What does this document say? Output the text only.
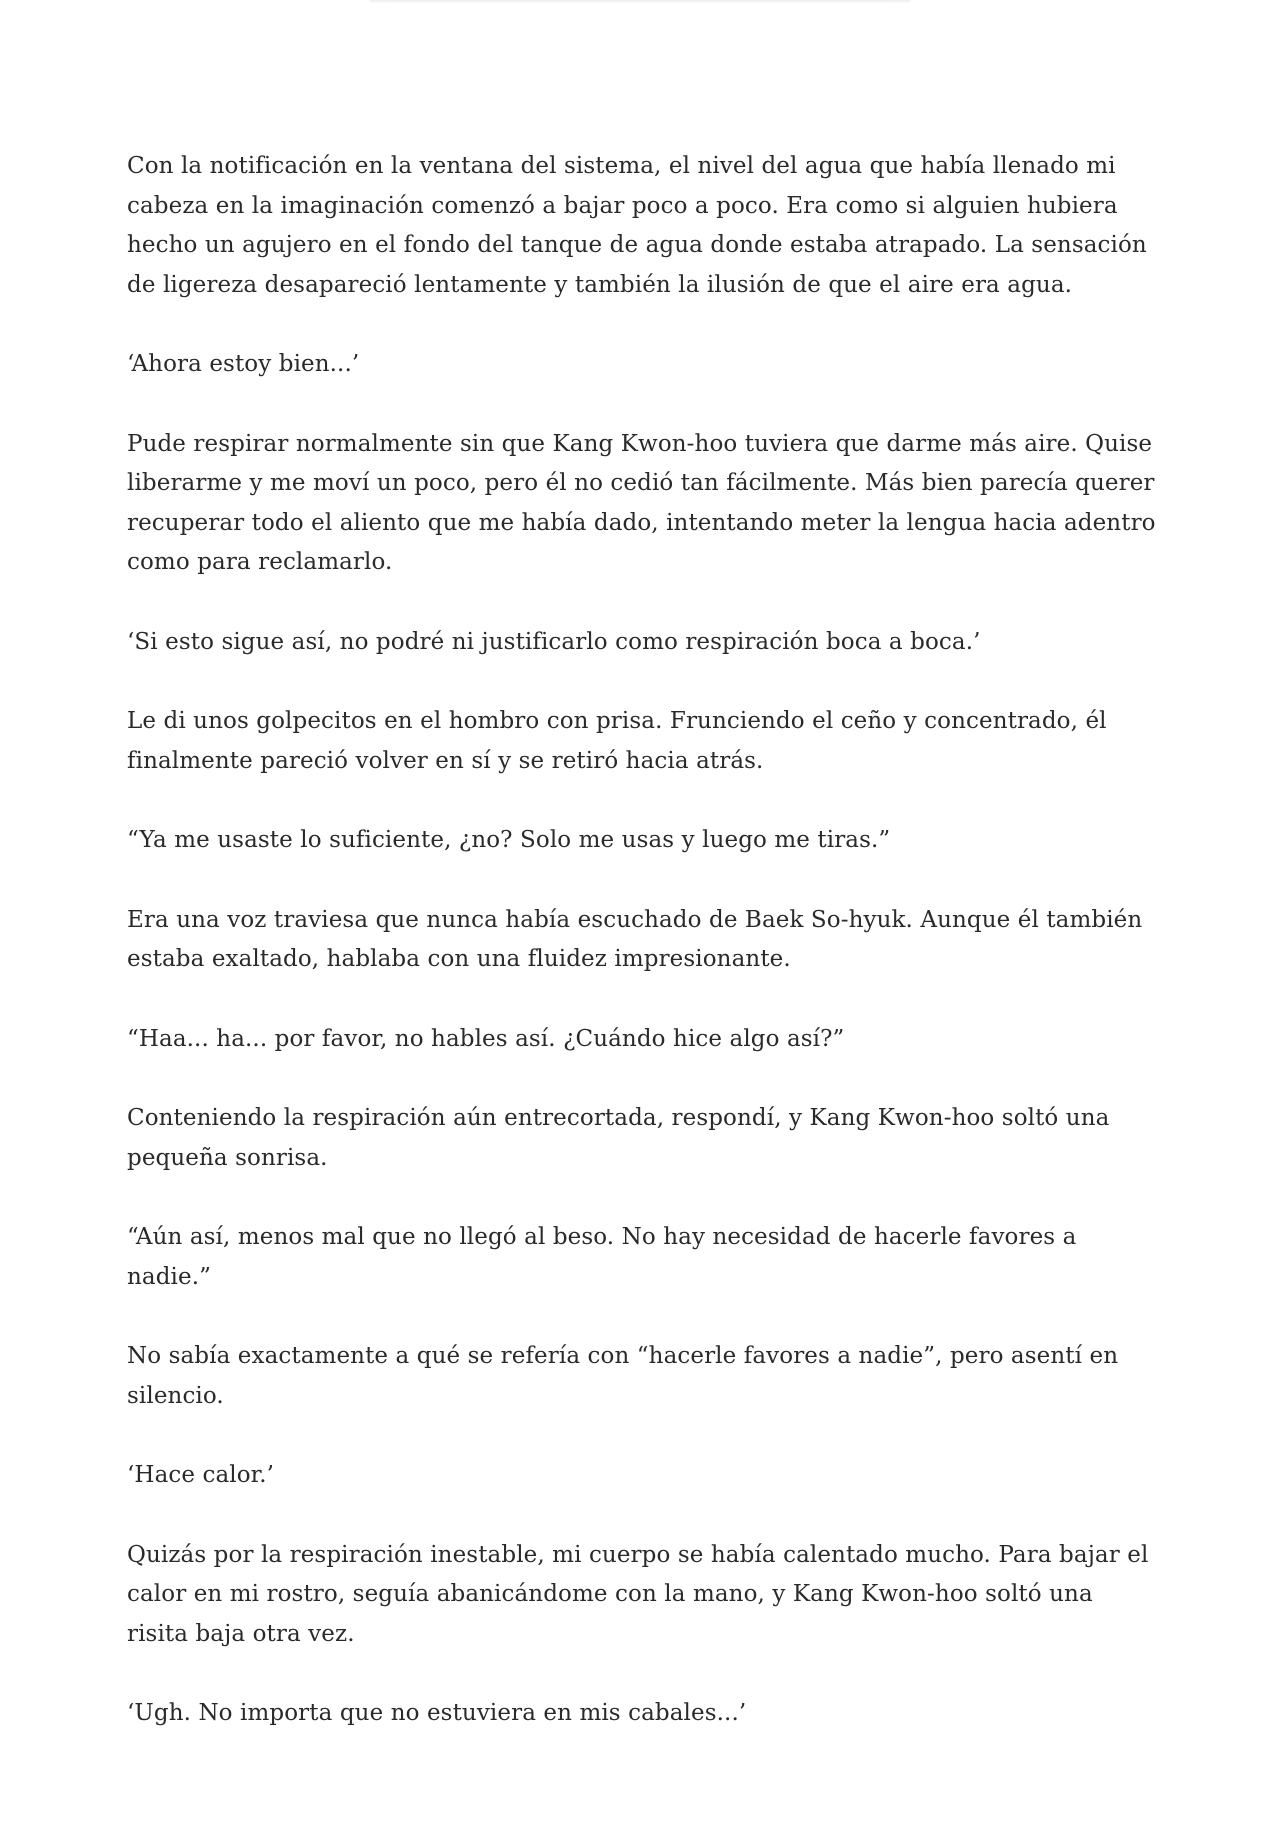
Con la notificación en la ventana del sistema, el nivel del agua que había llenado mi cabeza en la imaginación comenzó a bajar poco a poco. Era como si alguien hubiera hecho un agujero en el fondo del tanque de agua donde estaba atrapado. La sensación de ligereza desapareció lentamente y también la ilusión de que el aire era agua.

‘Ahora estoy bien...’

Pude respirar normalmente sin que Kang Kwon-hoo tuviera que darme más aire. Quise liberarme y me moví un poco, pero él no cedió tan fácilmente. Más bien parecía querer recuperar todo el aliento que me había dado, intentando meter la lengua hacia adentro como para reclamarlo.

‘Si esto sigue así, no podré ni justificarlo como respiración boca a boca.’

Le di unos golpecitos en el hombro con prisa. Frunciendo el ceño y concentrado, él finalmente pareció volver en sí y se retiró hacia atrás.

“Ya me usaste lo suficiente, ¿no? Solo me usas y luego me tiras.”

Era una voz traviesa que nunca había escuchado de Baek So-hyuk. Aunque él también estaba exaltado, hablaba con una fluidez impresionante.

“Haa... ha... por favor, no hables así. ¿Cuándo hice algo así?”

Conteniendo la respiración aún entrecortada, respondí, y Kang Kwon-hoo soltó una pequeña sonrisa.

“Aún así, menos mal que no llegó al beso. No hay necesidad de hacerle favores a nadie.”

No sabía exactamente a qué se refería con “hacerle favores a nadie”, pero asentí en silencio.

‘Hace calor.’

Quizás por la respiración inestable, mi cuerpo se había calentado mucho. Para bajar el calor en mi rostro, seguía abanicándome con la mano, y Kang Kwon-hoo soltó una risita baja otra vez.

‘Ugh. No importa que no estuviera en mis cabales...’
